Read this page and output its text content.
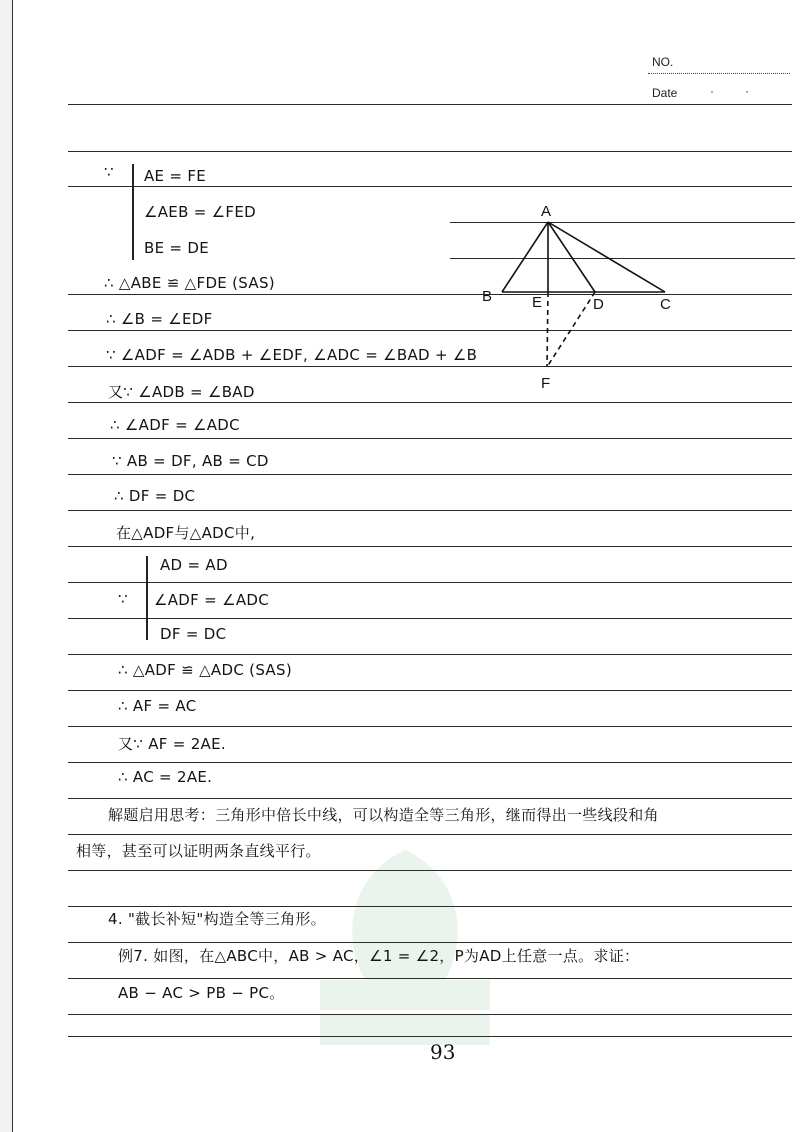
NO.
Date	·	·
∵ AE = FE
∠AEB = ∠FED
BE = DE
∴ △ABE ≌ △FDE (SAS)
∴ ∠B = ∠EDF
∵ ∠ADF = ∠ADB + ∠EDF, ∠ADC = ∠BAD + ∠B
又∵ ∠ADB = ∠BAD
∴ ∠ADF = ∠ADC
∵ AB = DF, AB = CD
∴ DF = DC
在△ADF与△ADC中,
∵
AD = AD
∠ADF = ∠ADC
DF = DC
∴ △ADF ≌ △ADC (SAS)
∴ AF = AC
又∵ AF = 2AE.
∴ AC = 2AE.
解题启用思考：三角形中倍长中线，可以构造全等三角形，继而得出一些线段和角
相等，甚至可以证明两条直线平行。
4. "截长补短"构造全等三角形。
例7. 如图，在△ABC中，AB > AC，∠1 = ∠2，P为AD上任意一点。求证：
AB − AC > PB − PC。
A
B	E	D	C
F
93
